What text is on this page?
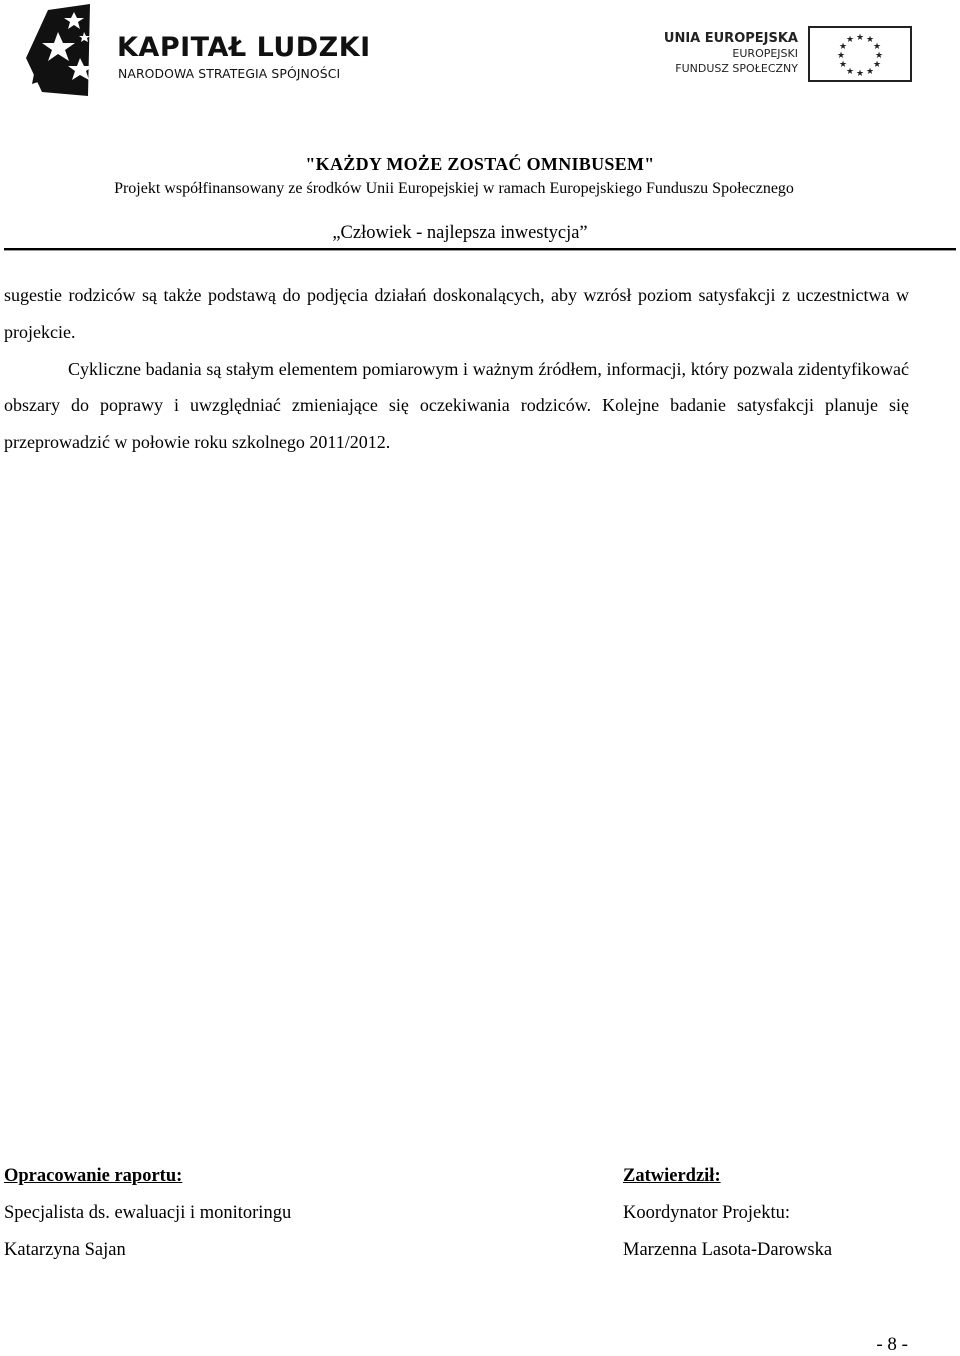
KAPITAŁ LUDZKI
NARODOWA STRATEGIA SPÓJNOŚCI
UNIA EUROPEJSKA
EUROPEJSKI
FUNDUSZ SPOŁECZNY
★ ★
★
★
★
★
★
★
★
★
★
★
"KAŻDY MOŻE ZOSTAĆ OMNIBUSEM"
Projekt współfinansowany ze środków Unii Europejskiej w ramach Europejskiego Funduszu Społecznego
„Człowiek - najlepsza inwestycja”

sugestie rodziców są także podstawą do podjęcia działań doskonalących, aby wzrósł poziom satysfakcji z uczestnictwa w projekcie.

Cykliczne badania są stałym elementem pomiarowym i ważnym źródłem, informacji, który pozwala zidentyfikować obszary do poprawy i uwzględniać zmieniające się oczekiwania rodziców. Kolejne badanie satysfakcji planuje się przeprowadzić w połowie roku szkolnego 2011/2012.

Opracowanie raportu:
Specjalista ds. ewaluacji i monitoringu
Katarzyna Sajan
Zatwierdził:
Koordynator Projektu:
Marzenna Lasota-Darowska
- 8 -
